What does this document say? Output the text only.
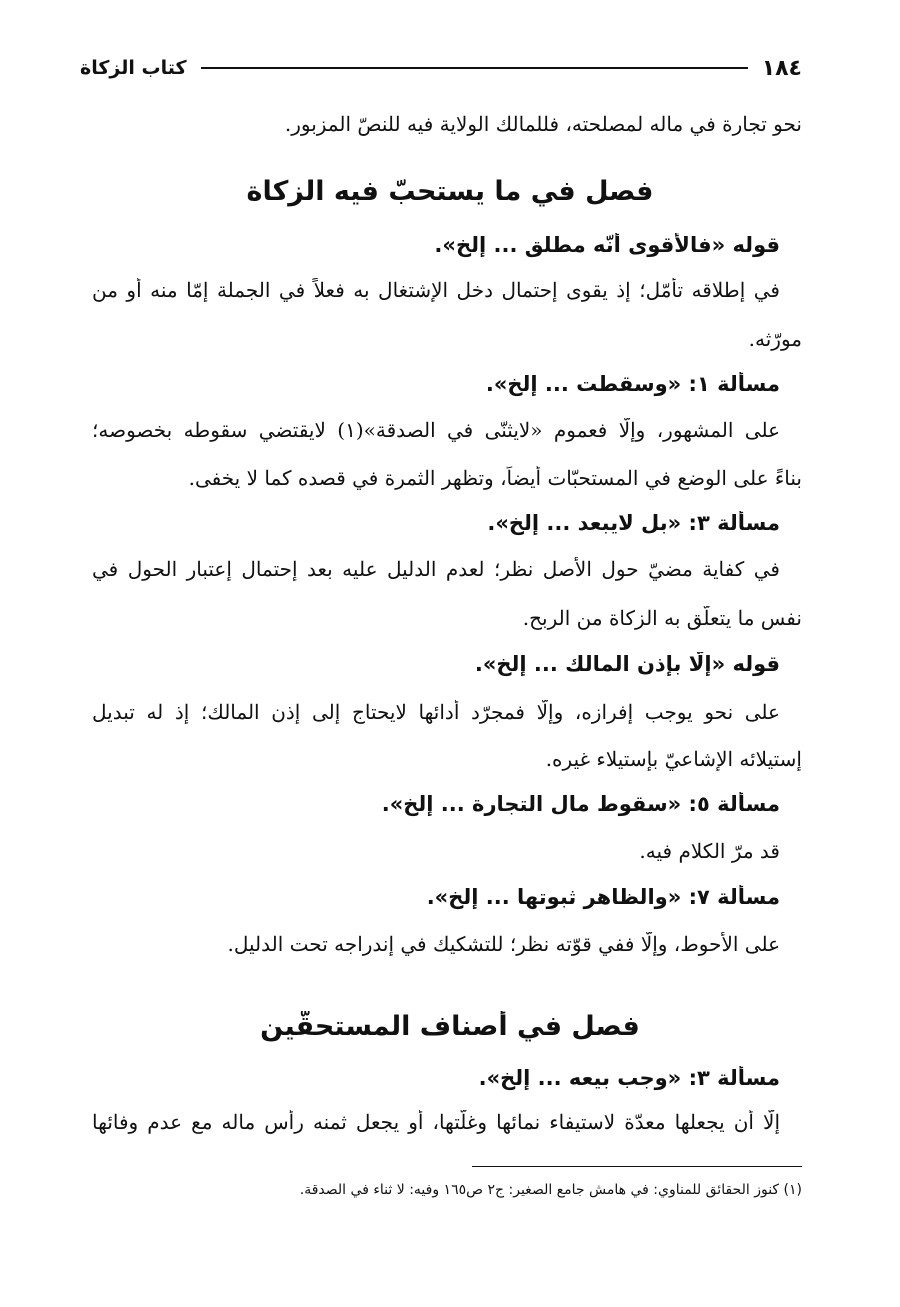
١٨٤
كتاب الزكاة
نحو تجارة في ماله لمصلحته، فللمالك الولاية فيه للنصّ المزبور.
فصل في ما يستحبّ فيه الزكاة
قوله «فالأقوى أنّه مطلق ... إلخ».
في إطلاقه تأمّل؛ إذ يقوى إحتمال دخل الإشتغال به فعلاً في الجملة إمّا منه أو من
مورّثه.
مسألة ١: «وسقطت ... إلخ».
على المشهور، وإلّا فعموم «لايثنّى في الصدقة»(١) لايقتضي سقوطه بخصوصه؛
بناءً على الوضع في المستحبّات أيضاً، وتظهر الثمرة في قصده كما لا يخفى.
مسألة ٣: «بل لايبعد ... إلخ».
في كفاية مضيّ حول الأصل نظر؛ لعدم الدليل عليه بعد إحتمال إعتبار الحول في
نفس ما يتعلّق به الزكاة من الربح.
قوله «إلّا بإذن المالك ... إلخ».
على نحو يوجب إفرازه، وإلّا فمجرّد أدائها لايحتاج إلى إذن المالك؛ إذ له تبديل
إستيلائه الإشاعيّ بإستيلاء غيره.
مسألة ٥: «سقوط مال التجارة ... إلخ».
قد مرّ الكلام فيه.
مسألة ٧: «والظاهر ثبوتها ... إلخ».
على الأحوط، وإلّا ففي قوّته نظر؛ للتشكيك في إندراجه تحت الدليل.
فصل في أصناف المستحقّين
مسألة ٣: «وجب بيعه ... إلخ».
إلّا أن يجعلها معدّة لاستيفاء نمائها وغلّتها، أو يجعل ثمنه رأس ماله مع عدم وفائها
(١) كنوز الحقائق للمناوي: في هامش جامع الصغير: ج٢ ص١٦٥ وفيه: لا ثناء في الصدقة.
